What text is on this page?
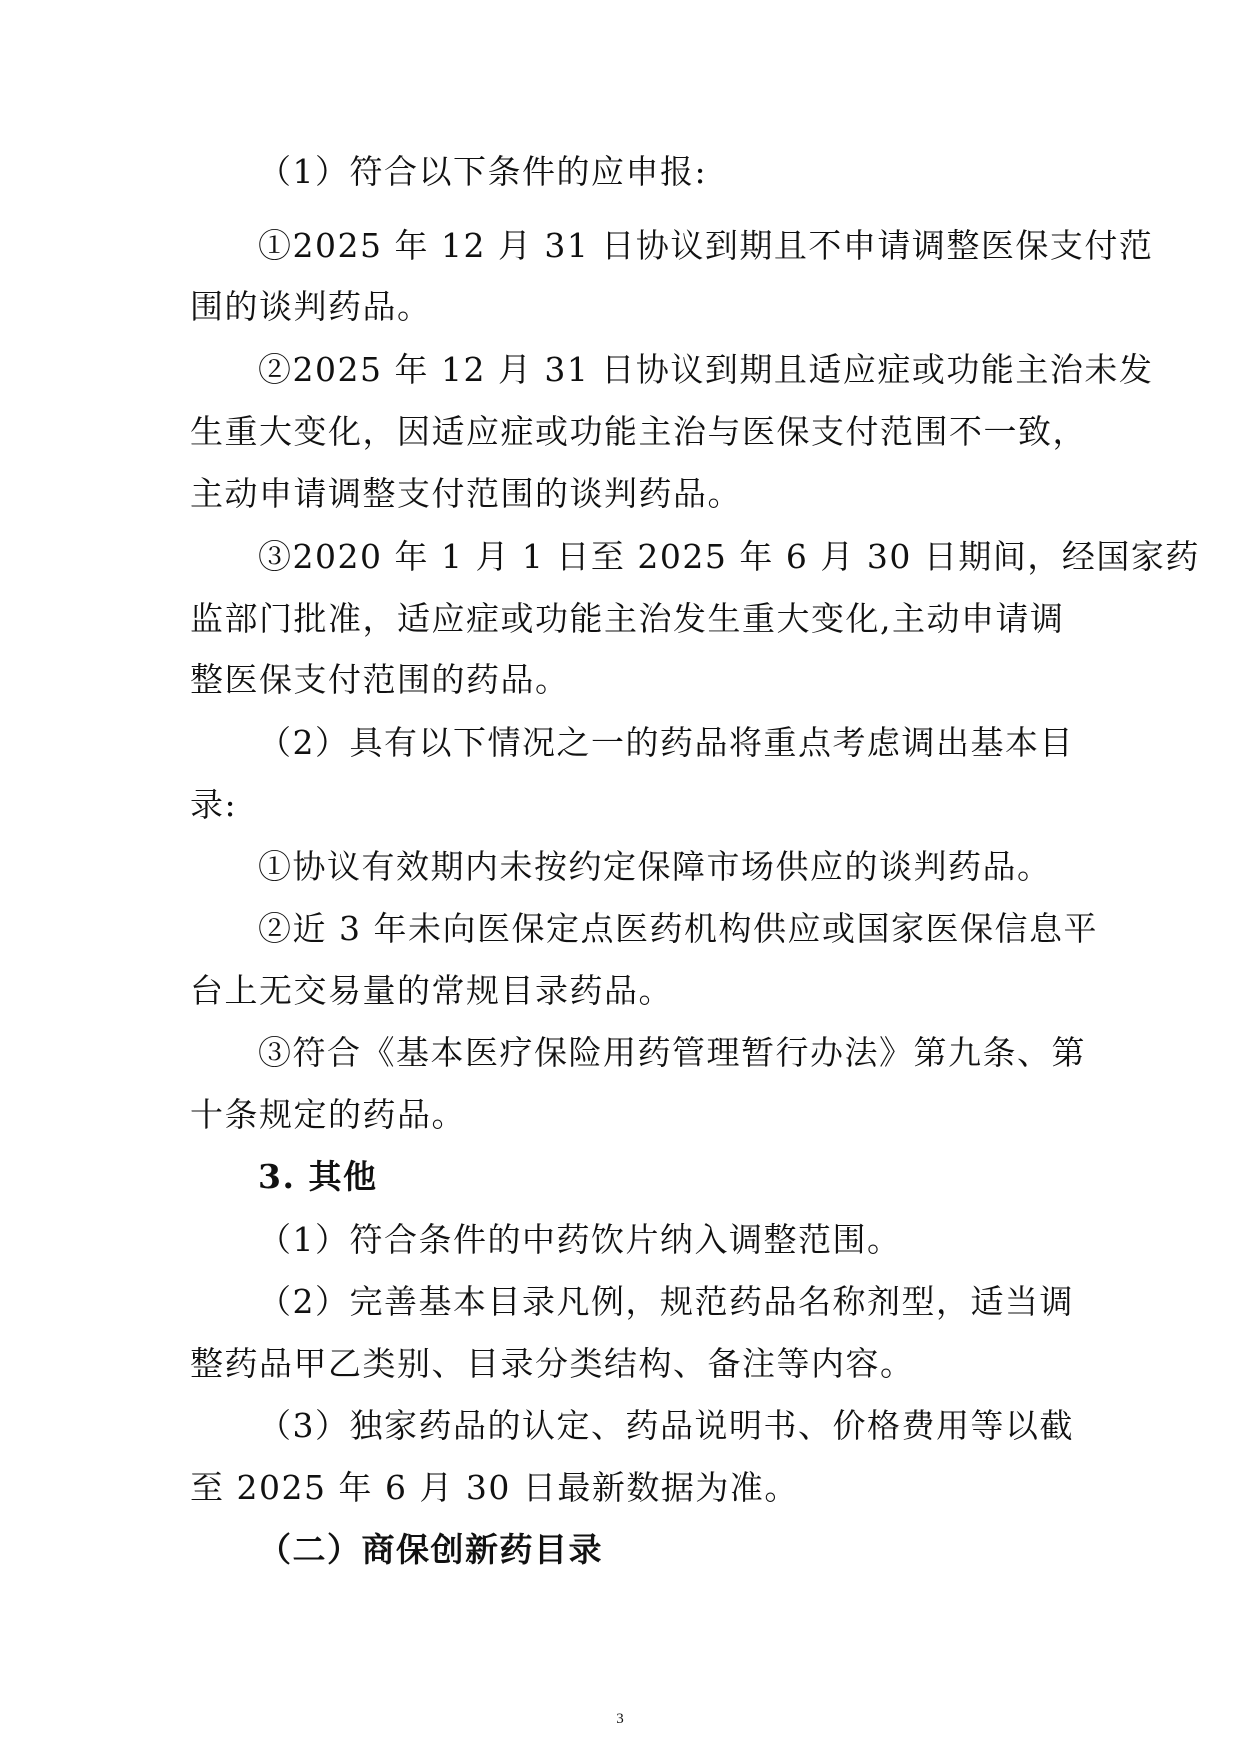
（1）符合以下条件的应申报:
①2025 年 12 月 31 日协议到期且不申请调整医保支付范
围的谈判药品。
②2025 年 12 月 31 日协议到期且适应症或功能主治未发
生重大变化，因适应症或功能主治与医保支付范围不一致，
主动申请调整支付范围的谈判药品。
③2020 年 1 月 1 日至 2025 年 6 月 30 日期间，经国家药
监部门批准，适应症或功能主治发生重大变化,主动申请调
整医保支付范围的药品。
（2）具有以下情况之一的药品将重点考虑调出基本目
录:
①协议有效期内未按约定保障市场供应的谈判药品。
②近 3 年未向医保定点医药机构供应或国家医保信息平
台上无交易量的常规目录药品。
③符合《基本医疗保险用药管理暂行办法》第九条、第
十条规定的药品。
3. 其他
（1）符合条件的中药饮片纳入调整范围。
（2）完善基本目录凡例，规范药品名称剂型，适当调
整药品甲乙类别、目录分类结构、备注等内容。
（3）独家药品的认定、药品说明书、价格费用等以截
至 2025 年 6 月 30 日最新数据为准。
（二）商保创新药目录
3
